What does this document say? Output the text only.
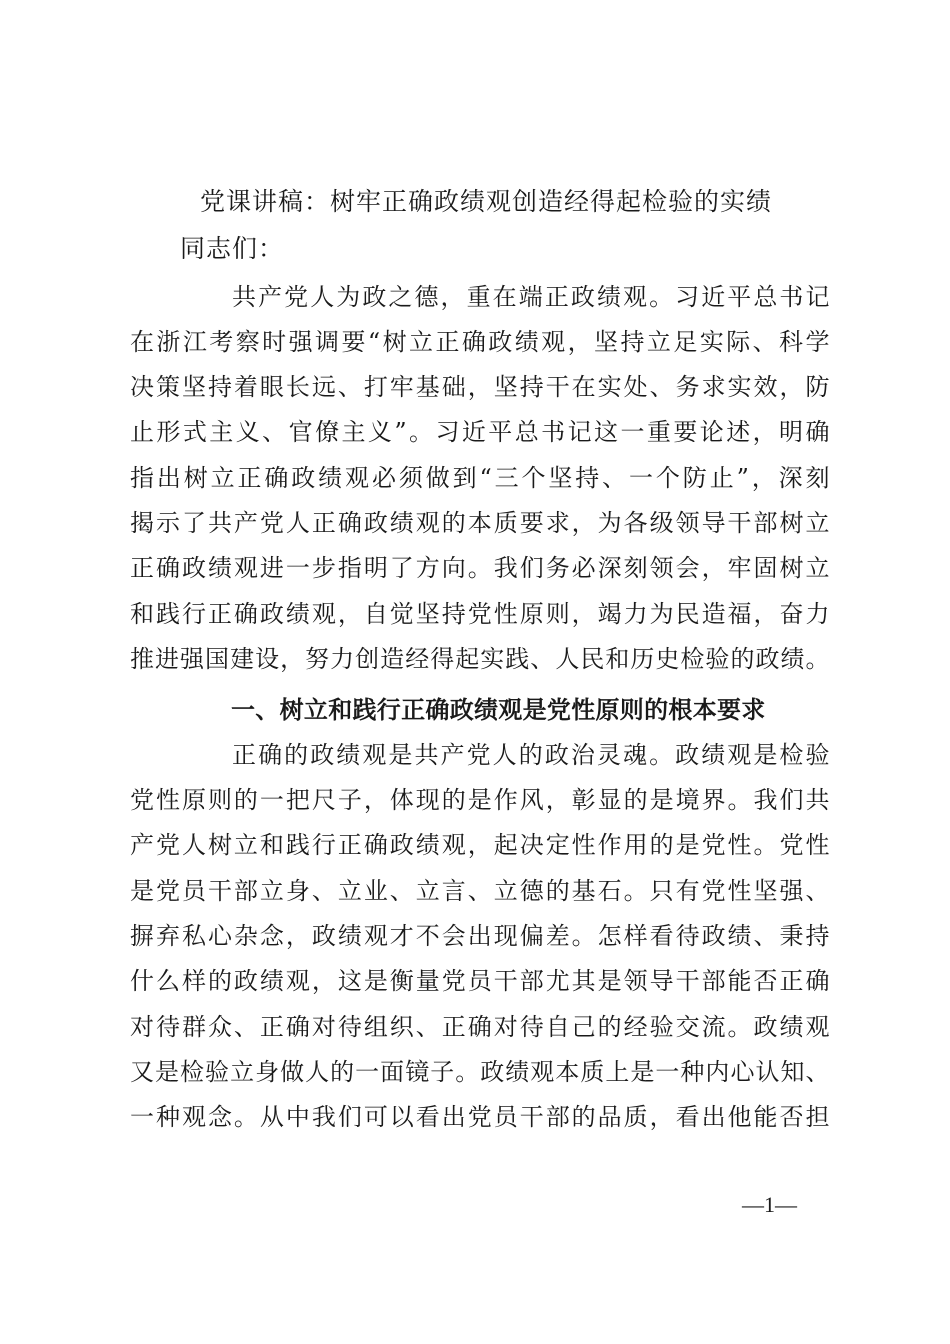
党课讲稿：树牢正确政绩观创造经得起检验的实绩
同志们：
共产党人为政之德，重在端正政绩观。习近平总书记
在浙江考察时强调要“树立正确政绩观，坚持立足实际、科学
决策坚持着眼长远、打牢基础，坚持干在实处、务求实效，防
止形式主义、官僚主义”。习近平总书记这一重要论述，明确
指出树立正确政绩观必须做到“三个坚持、一个防止”，深刻
揭示了共产党人正确政绩观的本质要求，为各级领导干部树立
正确政绩观进一步指明了方向。我们务必深刻领会，牢固树立
和践行正确政绩观，自觉坚持党性原则，竭力为民造福，奋力
推进强国建设，努力创造经得起实践、人民和历史检验的政绩。
一、树立和践行正确政绩观是党性原则的根本要求
正确的政绩观是共产党人的政治灵魂。政绩观是检验
党性原则的一把尺子，体现的是作风，彰显的是境界。我们共
产党人树立和践行正确政绩观，起决定性作用的是党性。党性
是党员干部立身、立业、立言、立德的基石。只有党性坚强、
摒弃私心杂念，政绩观才不会出现偏差。怎样看待政绩、秉持
什么样的政绩观，这是衡量党员干部尤其是领导干部能否正确
对待群众、正确对待组织、正确对待自己的经验交流。政绩观
又是检验立身做人的一面镜子。政绩观本质上是一种内心认知、
一种观念。从中我们可以看出党员干部的品质，看出他能否担
—1—
